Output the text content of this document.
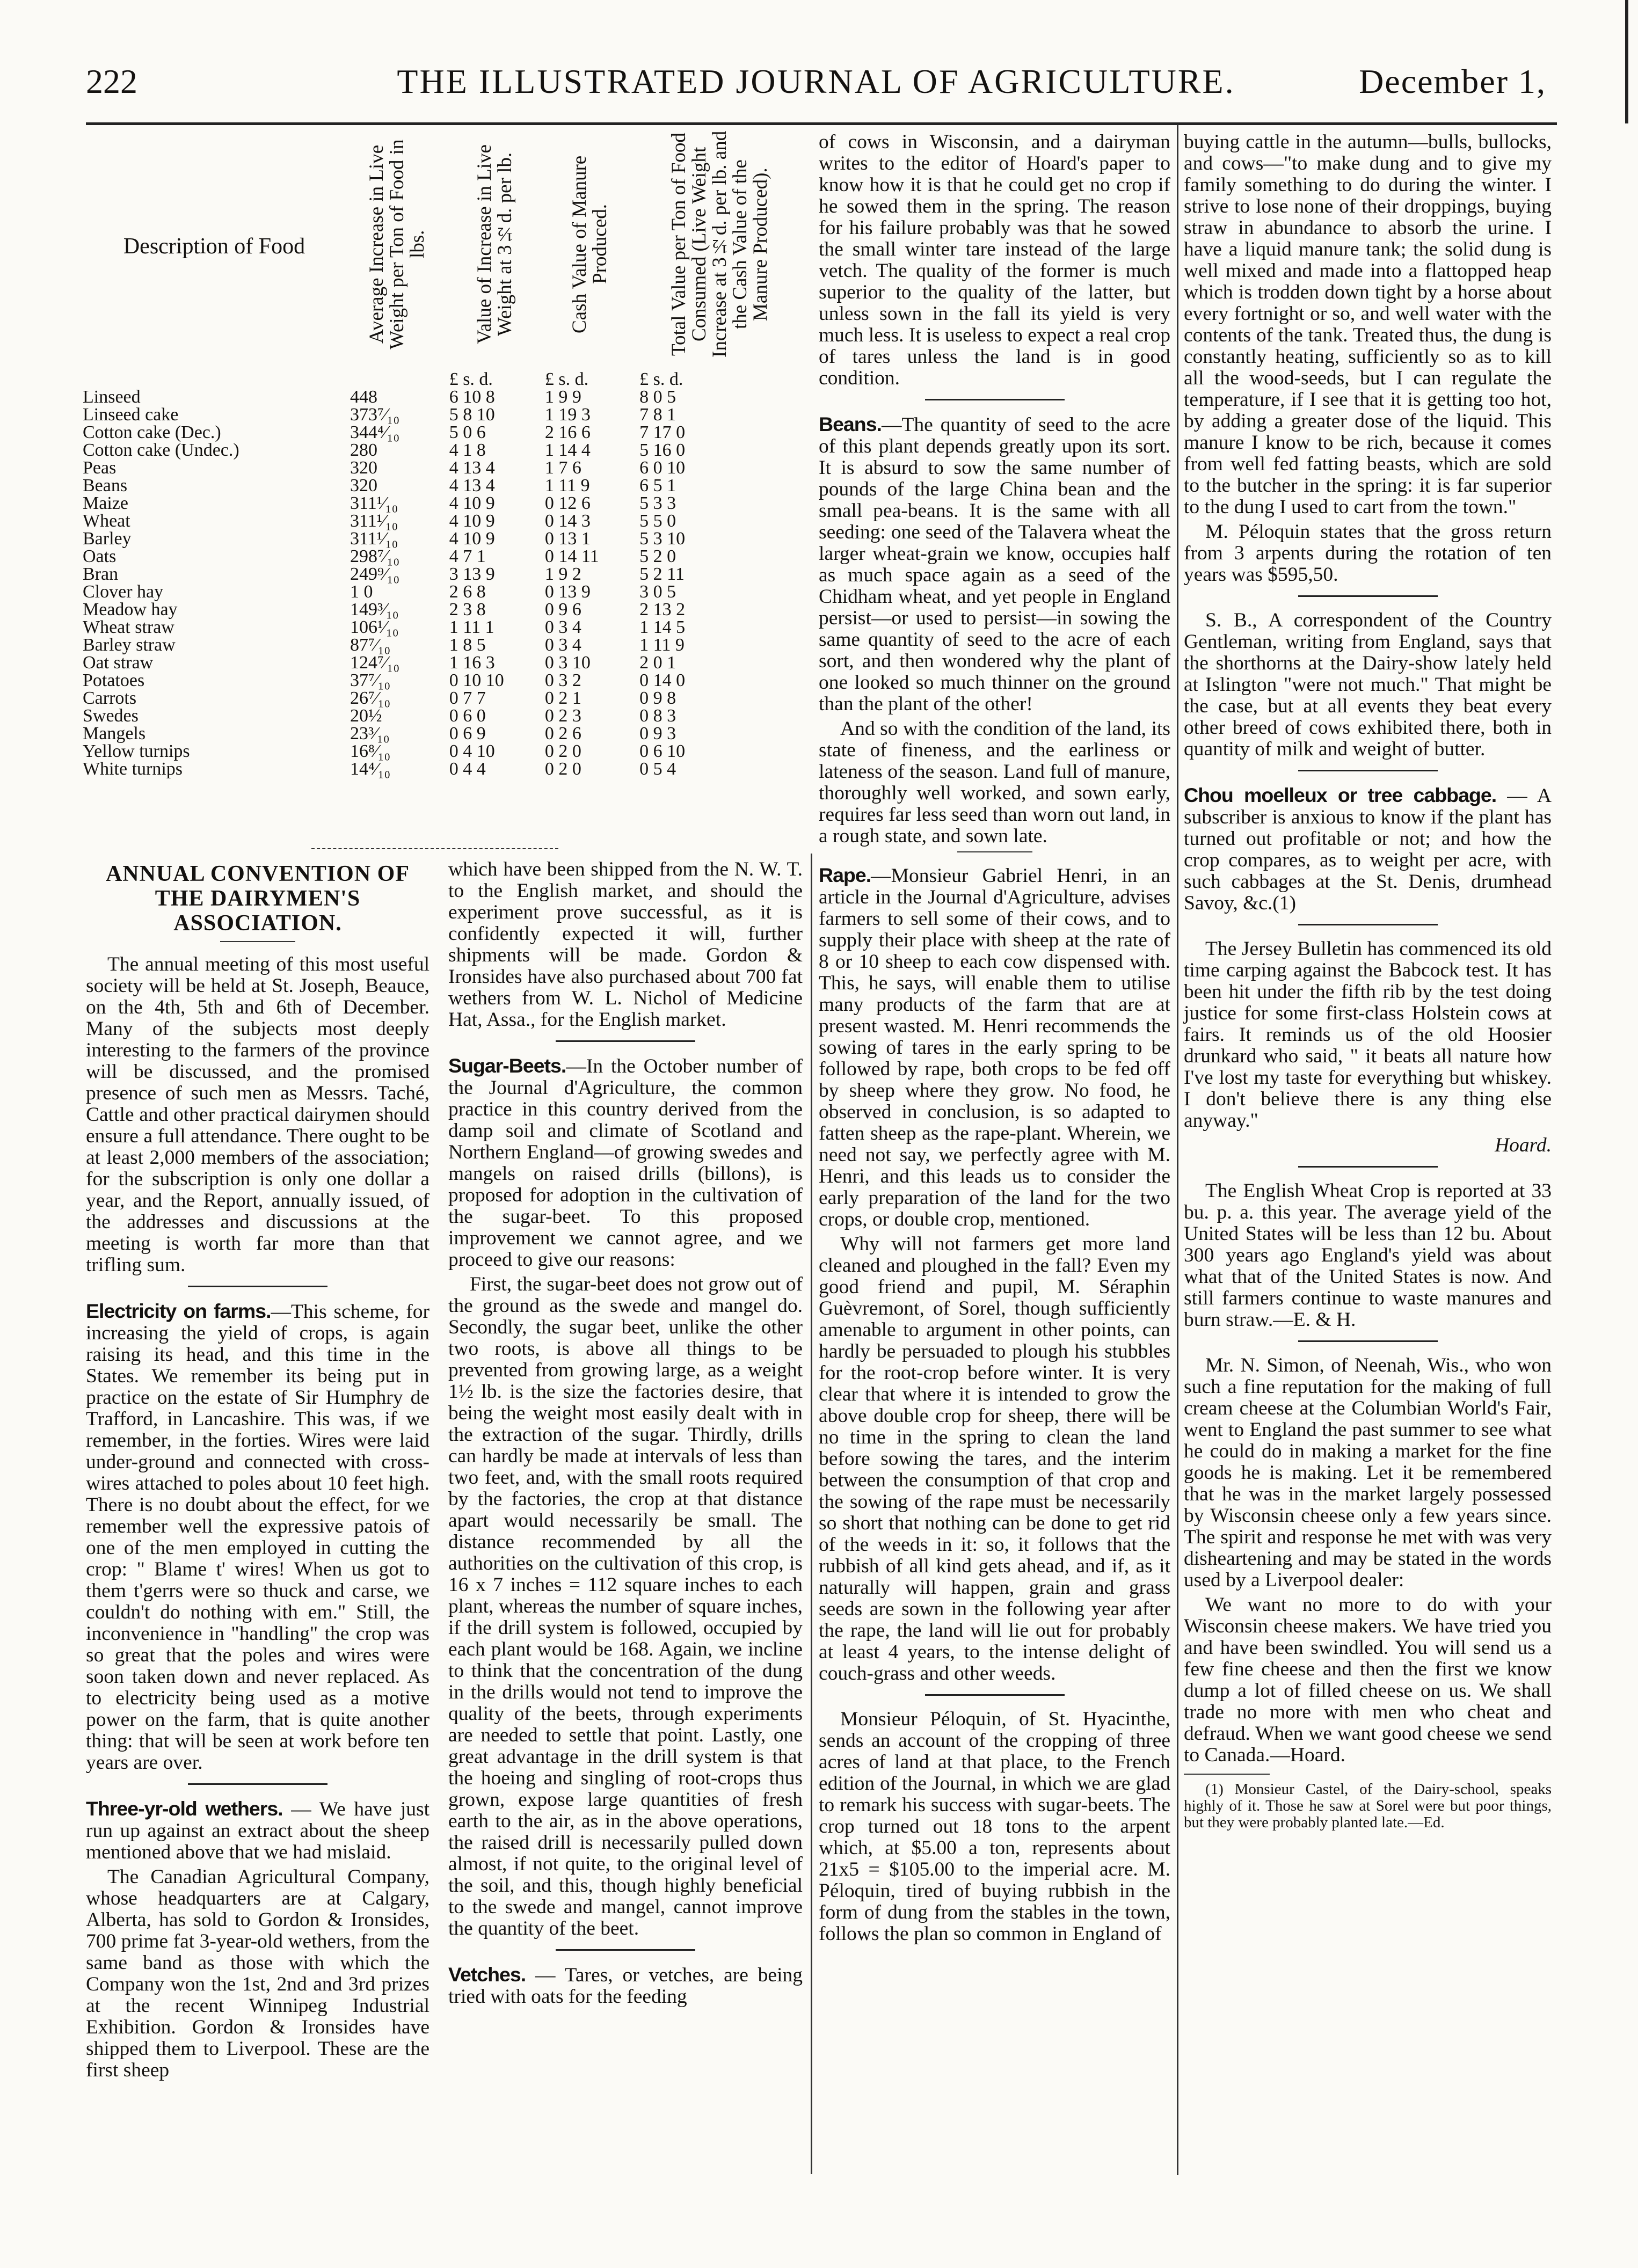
222	THE ILLUSTRATED JOURNAL OF AGRICULTURE.	December 1,
Description of Food	Average Increase in Live Weight per Ton of Food in lbs.	Value of Increase in Live Weight at 3½d. per lb.	Cash Value of Manure Produced.	Total Value per Ton of Food Consumed (Live Weight Increase at 3½d. per lb. and the Cash Value of the Manure Produced).
		£ s. d.	£ s. d.	£ s. d.
Linseed	448	6 10 8	1 9 9	8 0 5
Linseed cake	373⁷⁄₁₀	5 8 10	1 19 3	7 8 1
Cotton cake (Dec.)	344⁴⁄₁₀	5 0 6	2 16 6	7 17 0
Cotton cake (Undec.)	280	4 1 8	1 14 4	5 16 0
Peas	320	4 13 4	1 7 6	6 0 10
Beans	320	4 13 4	1 11 9	6 5 1
Maize	311¹⁄₁₀	4 10 9	0 12 6	5 3 3
Wheat	311¹⁄₁₀	4 10 9	0 14 3	5 5 0
Barley	311¹⁄₁₀	4 10 9	0 13 1	5 3 10
Oats	298⁷⁄₁₀	4 7 1	0 14 11	5 2 0
Bran	249⁹⁄₁₀	3 13 9	1 9 2	5 2 11
Clover hay	1 0	2 6 8	0 13 9	3 0 5
Meadow hay	149³⁄₁₀	2 3 8	0 9 6	2 13 2
Wheat straw	106¹⁄₁₀	1 11 1	0 3 4	1 14 5
Barley straw	87⁷⁄₁₀	1 8 5	0 3 4	1 11 9
Oat straw	124⁷⁄₁₀	1 16 3	0 3 10	2 0 1
Potatoes	37⁷⁄₁₀	0 10 10	0 3 2	0 14 0
Carrots	26⁷⁄₁₀	0 7 7	0 2 1	0 9 8
Swedes	20½	0 6 0	0 2 3	0 8 3
Mangels	23³⁄₁₀	0 6 9	0 2 6	0 9 3
Yellow turnips	16⁸⁄₁₀	0 4 10	0 2 0	0 6 10
White turnips	14⁴⁄₁₀	0 4 4	0 2 0	0 5 4
ANNUAL CONVENTION OF THE DAIRYMEN'S ASSOCIATION.

The annual meeting of this most useful society will be held at St. Joseph, Beauce, on the 4th, 5th and 6th of December. Many of the subjects most deeply interesting to the farmers of the province will be discussed, and the promised presence of such men as Messrs. Taché, Cattle and other practical dairymen should ensure a full attendance. There ought to be at least 2,000 members of the association; for the subscription is only one dollar a year, and the Report, annually issued, of the addresses and discussions at the meeting is worth far more than that trifling sum.

Electricity on farms.—This scheme, for increasing the yield of crops, is again raising its head, and this time in the States. We remember its being put in practice on the estate of Sir Humphry de Trafford, in Lancashire. This was, if we remember, in the forties. Wires were laid under-ground and connected with cross-wires attached to poles about 10 feet high. There is no doubt about the effect, for we remember well the expressive patois of one of the men employed in cutting the crop: " Blame t' wires! When us got to them t'gerrs were so thuck and carse, we couldn't do nothing with em." Still, the inconvenience in "handling" the crop was so great that the poles and wires were soon taken down and never replaced. As to electricity being used as a motive power on the farm, that is quite another thing: that will be seen at work before ten years are over.

Three-yr-old wethers. — We have just run up against an extract about the sheep mentioned above that we had mislaid.

The Canadian Agricultural Company, whose headquarters are at Calgary, Alberta, has sold to Gordon & Ironsides, 700 prime fat 3-year-old wethers, from the same band as those with which the Company won the 1st, 2nd and 3rd prizes at the recent Winnipeg Industrial Exhibition. Gordon & Ironsides have shipped them to Liverpool. These are the first sheep

which have been shipped from the N. W. T. to the English market, and should the experiment prove successful, as it is confidently expected it will, further shipments will be made. Gordon & Ironsides have also purchased about 700 fat wethers from W. L. Nichol of Medicine Hat, Assa., for the English market.

Sugar-Beets.—In the October number of the Journal d'Agriculture, the common practice in this country derived from the damp soil and climate of Scotland and Northern England—of growing swedes and mangels on raised drills (billons), is proposed for adoption in the cultivation of the sugar-beet. To this proposed improvement we cannot agree, and we proceed to give our reasons:

First, the sugar-beet does not grow out of the ground as the swede and mangel do. Secondly, the sugar beet, unlike the other two roots, is above all things to be prevented from growing large, as a weight 1½ lb. is the size the factories desire, that being the weight most easily dealt with in the extraction of the sugar. Thirdly, drills can hardly be made at intervals of less than two feet, and, with the small roots required by the factories, the crop at that distance apart would necessarily be small. The distance recommended by all the authorities on the cultivation of this crop, is 16 x 7 inches = 112 square inches to each plant, whereas the number of square inches, if the drill system is followed, occupied by each plant would be 168. Again, we incline to think that the concentration of the dung in the drills would not tend to improve the quality of the beets, through experiments are needed to settle that point. Lastly, one great advantage in the drill system is that the hoeing and singling of root-crops thus grown, expose large quantities of fresh earth to the air, as in the above operations, the raised drill is necessarily pulled down almost, if not quite, to the original level of the soil, and this, though highly beneficial to the swede and mangel, cannot improve the quantity of the beet.

Vetches. — Tares, or vetches, are being tried with oats for the feeding

of cows in Wisconsin, and a dairyman writes to the editor of Hoard's paper to know how it is that he could get no crop if he sowed them in the spring. The reason for his failure probably was that he sowed the small winter tare instead of the large vetch. The quality of the former is much superior to the quality of the latter, but unless sown in the fall its yield is very much less. It is useless to expect a real crop of tares unless the land is in good condition.

Beans.—The quantity of seed to the acre of this plant depends greatly upon its sort. It is absurd to sow the same number of pounds of the large China bean and the small pea-beans. It is the same with all seeding: one seed of the Talavera wheat the larger wheat-grain we know, occupies half as much space again as a seed of the Chidham wheat, and yet people in England persist—or used to persist—in sowing the same quantity of seed to the acre of each sort, and then wondered why the plant of one looked so much thinner on the ground than the plant of the other!

And so with the condition of the land, its state of fineness, and the earliness or lateness of the season. Land full of manure, thoroughly well worked, and sown early, requires far less seed than worn out land, in a rough state, and sown late.

Rape.—Monsieur Gabriel Henri, in an article in the Journal d'Agriculture, advises farmers to sell some of their cows, and to supply their place with sheep at the rate of 8 or 10 sheep to each cow dispensed with. This, he says, will enable them to utilise many products of the farm that are at present wasted. M. Henri recommends the sowing of tares in the early spring to be followed by rape, both crops to be fed off by sheep where they grow. No food, he observed in conclusion, is so adapted to fatten sheep as the rape-plant. Wherein, we need not say, we perfectly agree with M. Henri, and this leads us to consider the early preparation of the land for the two crops, or double crop, mentioned.

Why will not farmers get more land cleaned and ploughed in the fall? Even my good friend and pupil, M. Séraphin Guèvremont, of Sorel, though sufficiently amenable to argument in other points, can hardly be persuaded to plough his stubbles for the root-crop before winter. It is very clear that where it is intended to grow the above double crop for sheep, there will be no time in the spring to clean the land before sowing the tares, and the interim between the consumption of that crop and the sowing of the rape must be necessarily so short that nothing can be done to get rid of the weeds in it: so, it follows that the rubbish of all kind gets ahead, and if, as it naturally will happen, grain and grass seeds are sown in the following year after the rape, the land will lie out for probably at least 4 years, to the intense delight of couch-grass and other weeds.

Monsieur Péloquin, of St. Hyacinthe, sends an account of the cropping of three acres of land at that place, to the French edition of the Journal, in which we are glad to remark his success with sugar-beets. The crop turned out 18 tons to the arpent which, at $5.00 a ton, represents about 21x5 = $105.00 to the imperial acre. M. Péloquin, tired of buying rubbish in the form of dung from the stables in the town, follows the plan so common in England of

buying cattle in the autumn—bulls, bullocks, and cows—"to make dung and to give my family something to do during the winter. I strive to lose none of their droppings, buying straw in abundance to absorb the urine. I have a liquid manure tank; the solid dung is well mixed and made into a flattopped heap which is trodden down tight by a horse about every fortnight or so, and well water with the contents of the tank. Treated thus, the dung is constantly heating, sufficiently so as to kill all the wood-seeds, but I can regulate the temperature, if I see that it is getting too hot, by adding a greater dose of the liquid. This manure I know to be rich, because it comes from well fed fatting beasts, which are sold to the butcher in the spring: it is far superior to the dung I used to cart from the town."

M. Péloquin states that the gross return from 3 arpents during the rotation of ten years was $595,50.

S. B., A correspondent of the Country Gentleman, writing from England, says that the shorthorns at the Dairy-show lately held at Islington "were not much." That might be the case, but at all events they beat every other breed of cows exhibited there, both in quantity of milk and weight of butter.

Chou moelleux or tree cabbage. — A subscriber is anxious to know if the plant has turned out profitable or not; and how the crop compares, as to weight per acre, with such cabbages at the St. Denis, drumhead Savoy, &c.(1)

The Jersey Bulletin has commenced its old time carping against the Babcock test. It has been hit under the fifth rib by the test doing justice for some first-class Holstein cows at fairs. It reminds us of the old Hoosier drunkard who said, " it beats all nature how I've lost my taste for everything but whiskey. I don't believe there is any thing else anyway."

Hoard.

The English Wheat Crop is reported at 33 bu. p. a. this year. The average yield of the United States will be less than 12 bu. About 300 years ago England's yield was about what that of the United States is now. And still farmers continue to waste manures and burn straw.—E. & H.

Mr. N. Simon, of Neenah, Wis., who won such a fine reputation for the making of full cream cheese at the Columbian World's Fair, went to England the past summer to see what he could do in making a market for the fine goods he is making. Let it be remembered that he was in the market largely possessed by Wisconsin cheese only a few years since. The spirit and response he met with was very disheartening and may be stated in the words used by a Liverpool dealer:

We want no more to do with your Wisconsin cheese makers. We have tried you and have been swindled. You will send us a few fine cheese and then the first we know dump a lot of filled cheese on us. We shall trade no more with men who cheat and defraud. When we want good cheese we send to Canada.—Hoard.

(1) Monsieur Castel, of the Dairy-school, speaks highly of it. Those he saw at Sorel were but poor things, but they were probably planted late.—Ed.
